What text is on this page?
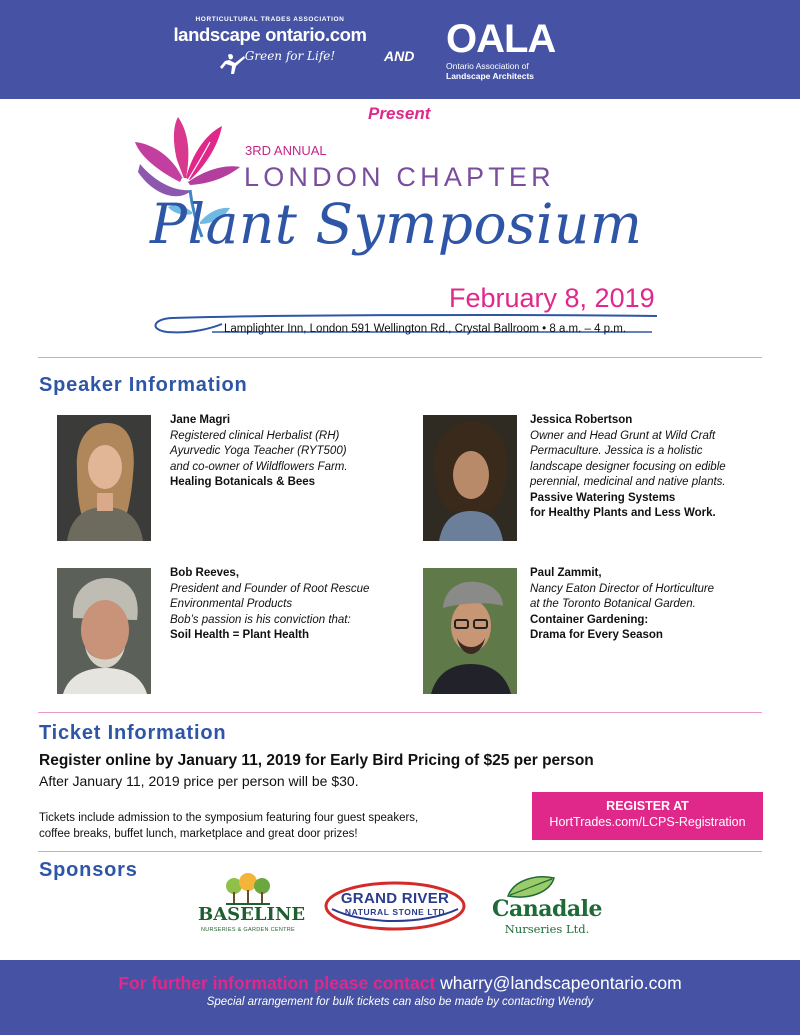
HORTICULTURAL TRADES ASSOCIATION
landscape ontario.com
Green for Life!	AND OALA
Ontario Association of
Landscape Architects
Present
3RD ANNUAL
LONDON CHAPTER
Plant Symposium
February 8, 2019
Lamplighter Inn, London 591 Wellington Rd., Crystal Ballroom • 8 a.m. – 4 p.m.
Speaker Information
Jane Magri
Registered clinical Herbalist (RH)
Ayurvedic Yoga Teacher (RYT500)
and co-owner of Wildflowers Farm.
Healing Botanicals & Bees
Jessica Robertson
Owner and Head Grunt at Wild Craft
Permaculture. Jessica is a holistic
landscape designer focusing on edible
perennial, medicinal and native plants.
Passive Watering Systems
for Healthy Plants and Less Work.
Bob Reeves,
President and Founder of Root Rescue
Environmental Products
Bob’s passion is his conviction that:
Soil Health = Plant Health
Paul Zammit,
Nancy Eaton Director of Horticulture
at the Toronto Botanical Garden.
Container Gardening:
Drama for Every Season
Ticket Information
Register online by January 11, 2019 for Early Bird Pricing of $25 per person
After January 11, 2019 price per person will be $30.
Tickets include admission to the symposium featuring four guest speakers,
coffee breaks, buffet lunch, marketplace and great door prizes!
REGISTER AT
HortTrades.com/LCPS-Registration
Sponsors
BASELINE
NURSERIES & GARDEN CENTRE
GRAND RIVER
NATURAL STONE LTD	Canadale
Nurseries Ltd.
For further information please contact wharry@landscapeontario.com
Special arrangement for bulk tickets can also be made by contacting Wendy
